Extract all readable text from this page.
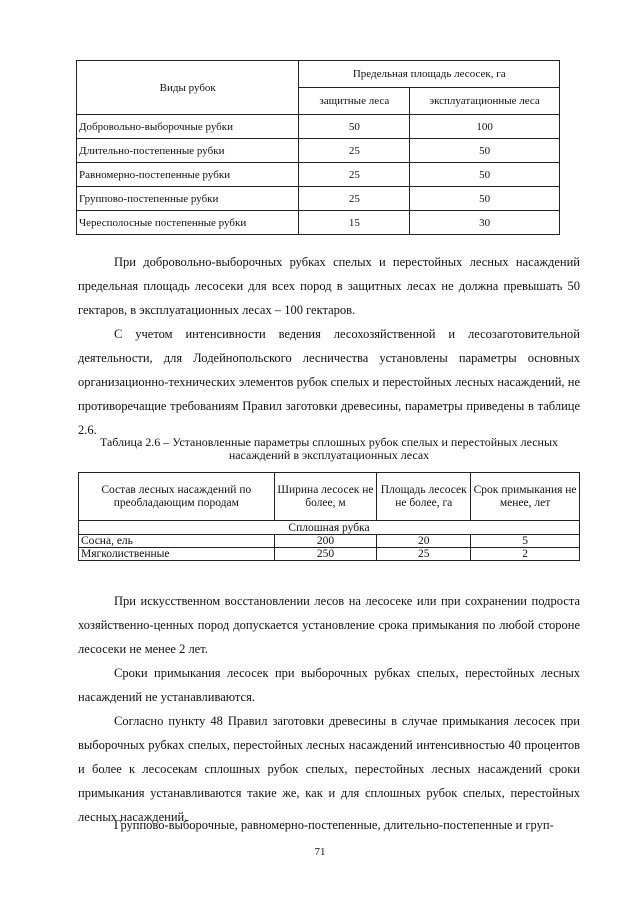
Виды рубок	Предельная площадь лесосек, га	
	защитные леса	эксплуатационные леса
Добровольно-выборочные рубки	50	100
Длительно-постепенные рубки	25	50
Равномерно-постепенные рубки	25	50
Группово-постепенные рубки	25	50
Чересполосные постепенные рубки	15	30

При добровольно-выборочных рубках спелых и перестойных лесных насаждений предельная площадь лесосеки для всех пород в защитных лесах не должна превышать 50 гектаров, в эксплуатационных лесах – 100 гектаров.

С учетом интенсивности ведения лесохозяйственной и лесозаготовительной деятельности, для Лодейнопольского лесничества установлены параметры основных организационно-технических элементов рубок спелых и перестойных лесных насаждений, не противоречащие требованиям Правил заготовки древесины, параметры приведены в таблице 2.6.

Таблица 2.6 – Установленные параметры сплошных рубок спелых и перестойных лесных насаждений в эксплуатационных лесах

Состав лесных насаждений по преобладающим породам	Ширина лесосек не более, м	Площадь лесосек не более, га	Срок примыкания не менее, лет
Сплошная рубка			
Сосна, ель	200	20	5
Мягколиственные	250	25	2

При искусственном восстановлении лесов на лесосеке или при сохранении подроста хозяйственно-ценных пород допускается установление срока примыкания по любой стороне лесосеки не менее 2 лет.

Сроки примыкания лесосек при выборочных рубках спелых, перестойных лесных насаждений не устанавливаются.

Согласно пункту 48 Правил заготовки древесины в случае примыкания лесосек при выборочных рубках спелых, перестойных лесных насаждений интенсивностью 40 процентов и более к лесосекам сплошных рубок спелых, перестойных лесных насаждений сроки примыкания устанавливаются такие же, как и для сплошных рубок спелых, перестойных лесных насаждений.

Группово-выборочные, равномерно-постепенные, длительно-постепенные и груп-

71
